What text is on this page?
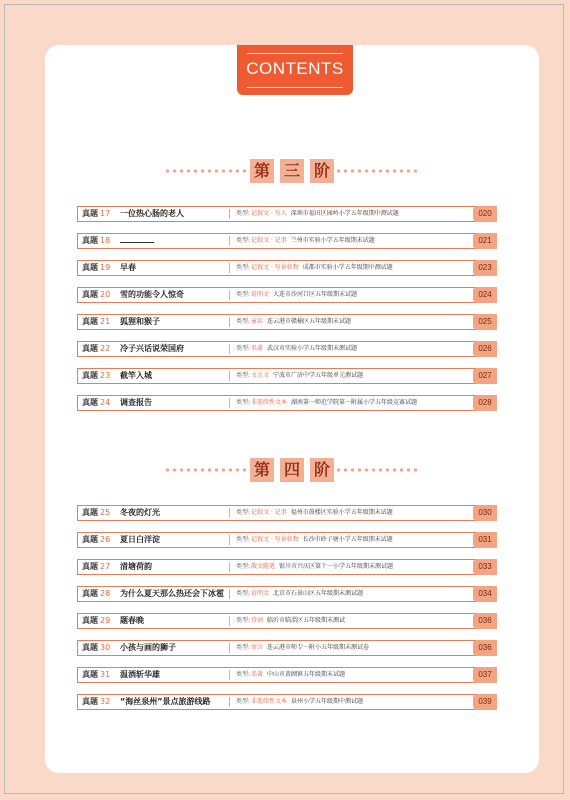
CONTENTS
第 三 阶
真题 17 一位热心肠的老人	类型:记叙文 · 写人 深圳市福田区园岭小学五年级期中测试题	020
真题 18	类型:记叙文 · 记事 兰州市实验小学五年级期末试题	021
真题 19 早春	类型:记叙文 · 写景状物 成都市实验小学五年级期中测试题	023
真题 20 雪的功能令人惊奇	类型:说明文 大连市沙河口区五年级期末试题	024
真题 21 狐狸和猴子	类型:童话 连云港市赣榆区五年级期末试题	025
真题 22 冷子兴话说荣国府	类型:名著 武汉市实验小学五年级期末测试题	026
真题 23 截竿入城	类型:文言文 宁波市广济中学五年级单元测试题	027
真题 24 调查报告	类型:非连续性文本 湖南第一师范学院第一附属小学五年级竞赛试题	028
第 四 阶
真题 25 冬夜的灯光	类型:记叙文 · 记事 福州市鼓楼区实验小学五年级期末试题	030
真题 26 夏日白洋淀	类型:记叙文 · 写景状物 长沙市砂子塘小学五年级期末试题	031
真题 27 清塘荷韵	类型:散文随笔 银川市兴庆区第十一小学五年级期末测试题	033
真题 28 为什么夏天那么热还会下冰雹 类型:说明文 北京市石景山区五年级期末测试题	034
真题 29 题春晚	类型:诗词 临沂市临淄区五年级期末测试	036
真题 30 小孩与画的狮子	类型:寓言 连云港市师专一附小五年级期末测试卷	036
真题 31 温酒斩华雄	类型:名著 中山市黄圃镇五年级期末试题	037
真题 32 “海丝泉州”景点旅游线路	类型:非连续性文本 泉州小学五年级期中测试题	039
